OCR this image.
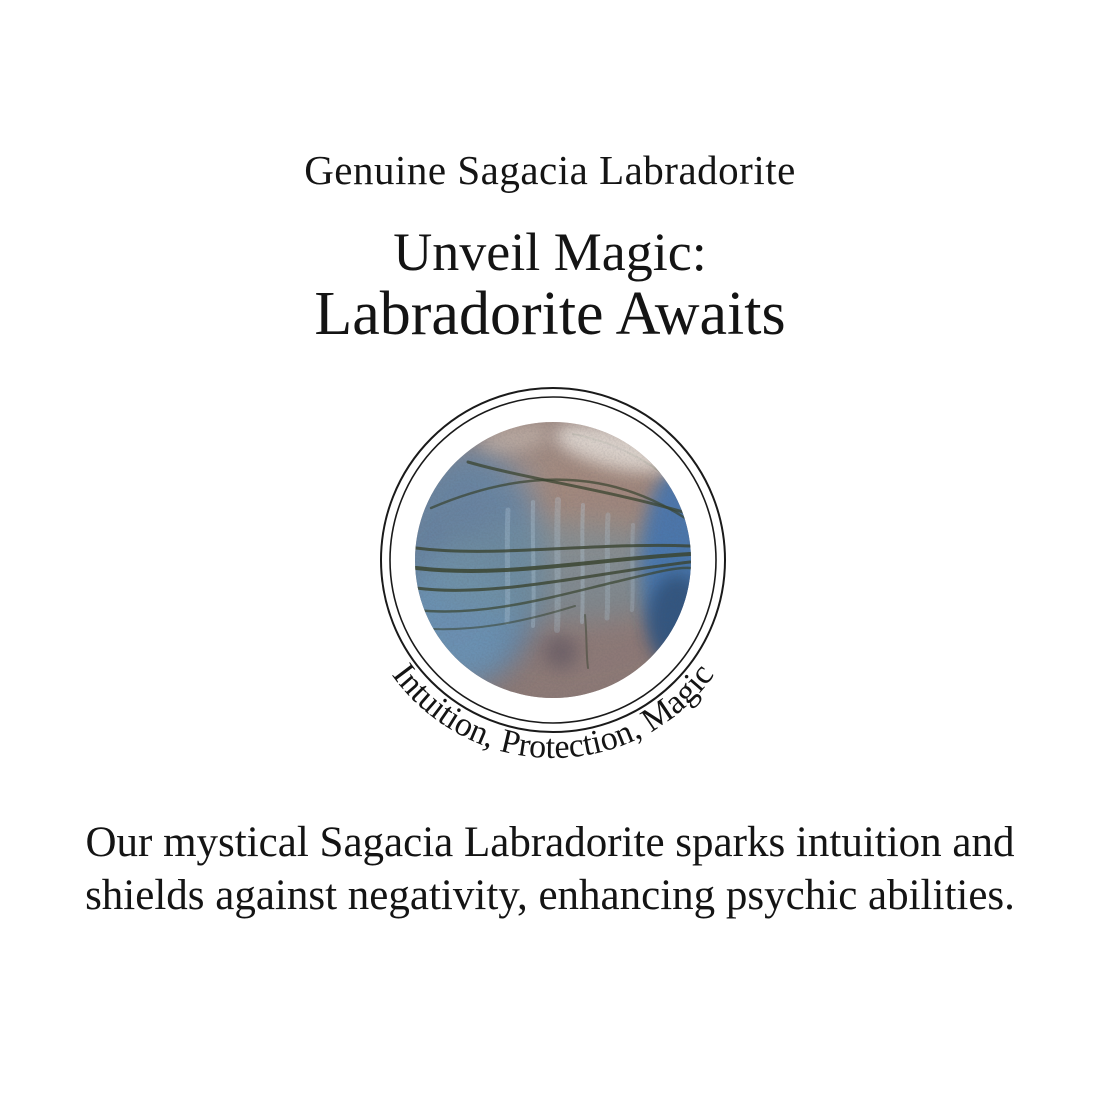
Genuine Sagacia Labradorite
Unveil Magic:
Labradorite Awaits
Intuition, Protection, Magic
Our mystical Sagacia Labradorite sparks intuition and
shields against negativity, enhancing psychic abilities.
